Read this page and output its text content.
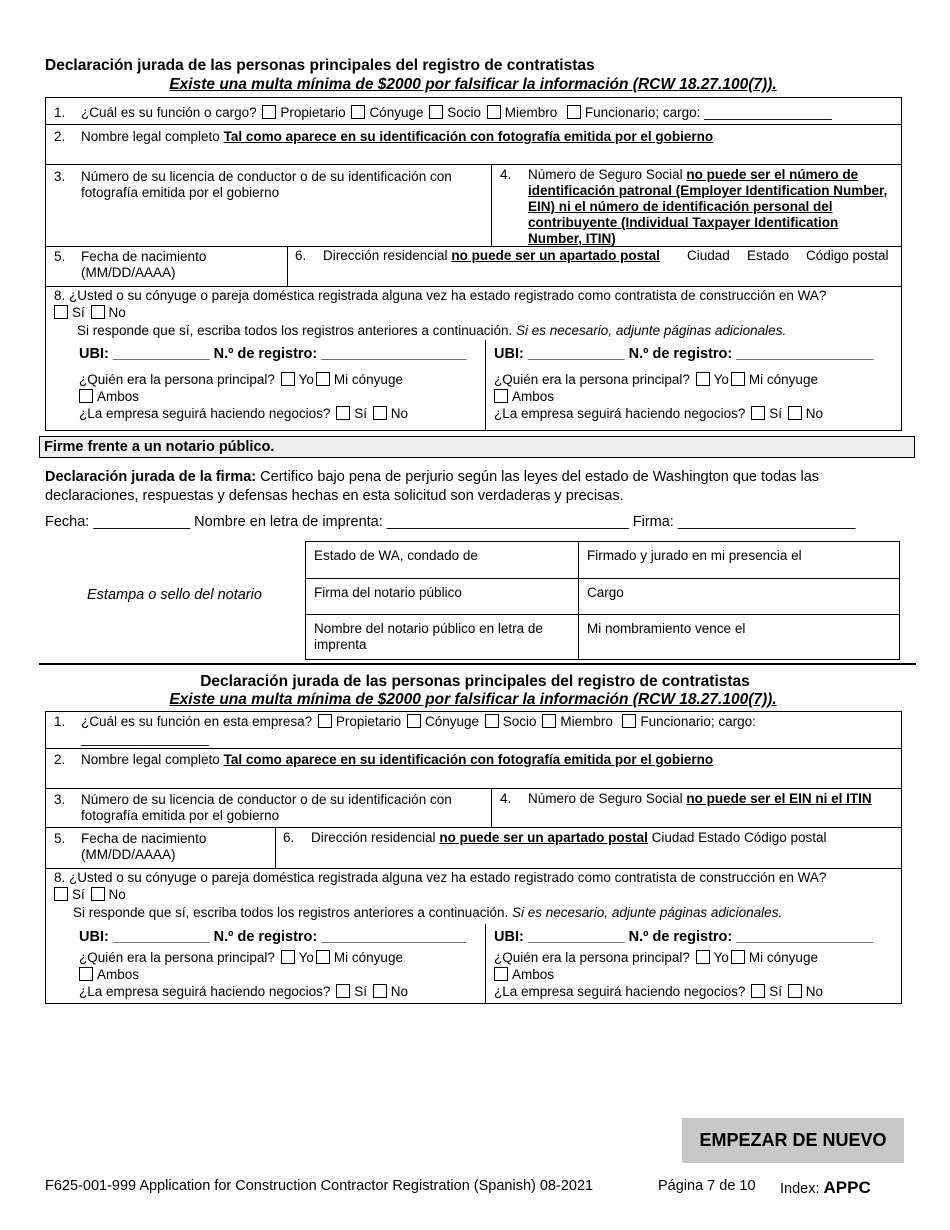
Declaración jurada de las personas principales del registro de contratistas
Existe una multa mínima de $2000 por falsificar la información (RCW 18.27.100(7)).
1. ¿Cuál es su función o cargo? Propietario Cónyuge Socio Miembro Funcionario; cargo: _________________
2. Nombre legal completo Tal como aparece en su identificación con fotografía emitida por el gobierno
3. Número de su licencia de conductor o de su identificación con fotografía emitida por el gobierno
4. Número de Seguro Social no puede ser el número de identificación patronal (Employer Identification Number, EIN) ni el número de identificación personal del contribuyente (Individual Taxpayer Identification Number, ITIN)
5. Fecha de nacimiento (MM/DD/AAAA)
6. Dirección residencial no puede ser un apartado postal Ciudad Estado Código postal
8. ¿Usted o su cónyuge o pareja doméstica registrada alguna vez ha estado registrado como contratista de construcción en WA?
Sí No
Si responde que sí, escriba todos los registros anteriores a continuación. Si es necesario, adjunte páginas adicionales.
UBI: ____________ N.º de registro: __________________
¿Quién era la persona principal? Yo Mi cónyuge
Ambos
¿La empresa seguirá haciendo negocios? Sí No
UBI: ____________ N.º de registro: _________________
¿Quién era la persona principal? Yo Mi cónyuge
Ambos
¿La empresa seguirá haciendo negocios? Sí No
Firme frente a un notario público.
Declaración jurada de la firma: Certifico bajo pena de perjurio según las leyes del estado de Washington que todas las declaraciones, respuestas y defensas hechas en esta solicitud son verdaderas y precisas.
Fecha: ____________ Nombre en letra de imprenta: ______________________________ Firma: ______________________
Estampa o sello del notario
Estado de WA, condado de	Firmado y jurado en mi presencia el
Firma del notario público	Cargo
Nombre del notario público en letra de imprenta	Mi nombramiento vence el
Declaración jurada de las personas principales del registro de contratistas
Existe una multa mínima de $2000 por falsificar la información (RCW 18.27.100(7)).
1. ¿Cuál es su función en esta empresa? Propietario Cónyuge Socio Miembro Funcionario; cargo:
_________________
2. Nombre legal completo Tal como aparece en su identificación con fotografía emitida por el gobierno
3. Número de su licencia de conductor o de su identificación con fotografía emitida por el gobierno
4. Número de Seguro Social no puede ser el EIN ni el ITIN
5. Fecha de nacimiento (MM/DD/AAAA)
6. Dirección residencial no puede ser un apartado postal Ciudad Estado Código postal
8. ¿Usted o su cónyuge o pareja doméstica registrada alguna vez ha estado registrado como contratista de construcción en WA?
Sí No
Si responde que sí, escriba todos los registros anteriores a continuación. Si es necesario, adjunte páginas adicionales.
UBI: ____________ N.º de registro: __________________
¿Quién era la persona principal? Yo Mi cónyuge
Ambos
¿La empresa seguirá haciendo negocios? Sí No
UBI: ____________ N.º de registro: _________________
¿Quién era la persona principal? Yo Mi cónyuge
Ambos
¿La empresa seguirá haciendo negocios? Sí No
EMPEZAR DE NUEVO
F625-001-999 Application for Construction Contractor Registration (Spanish) 08-2021	Página 7 de 10 Index: APPC
